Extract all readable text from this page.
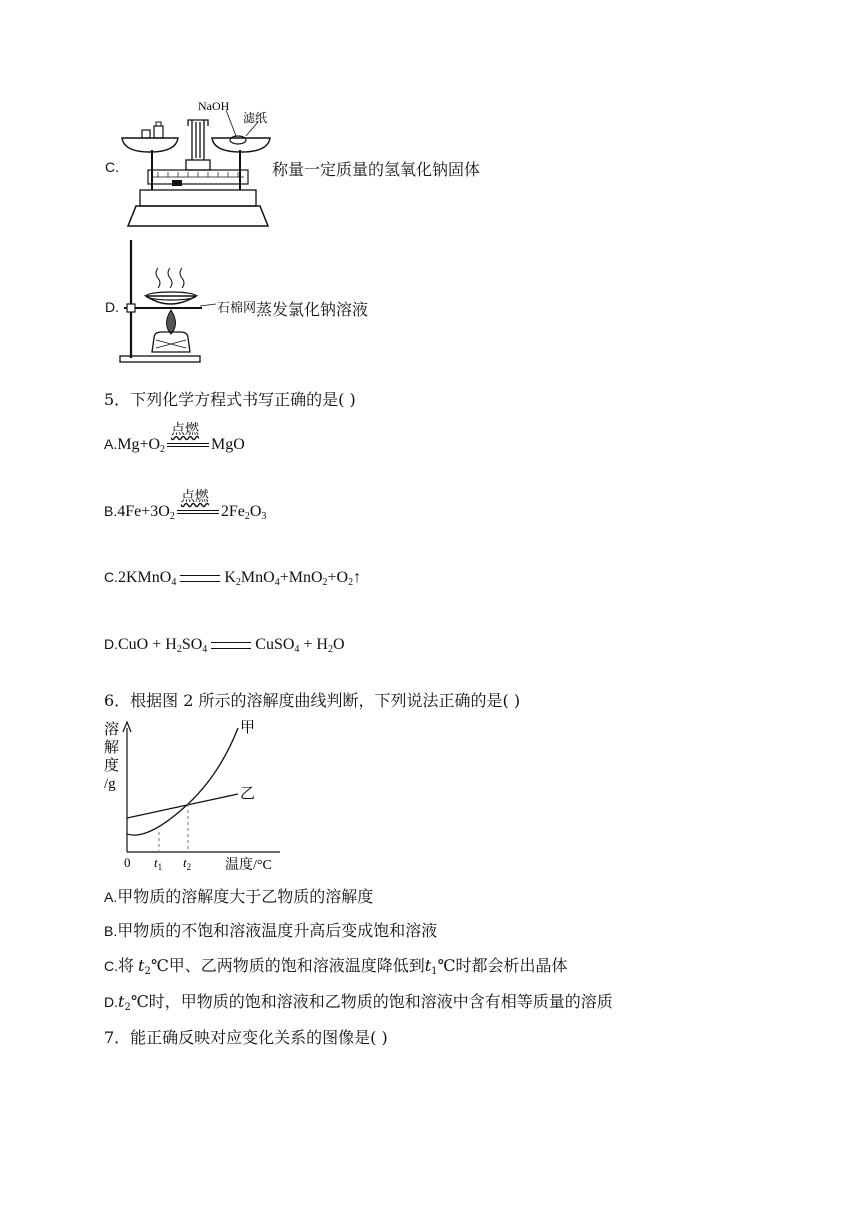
C.
NaOH
滤纸
称量一定质量的氢氧化钠固体
D.	石棉网 蒸发氯化钠溶液
5．下列化学方程式书写正确的是( )
$A.Mg+O_2$
点燃
MgO
$B.4Fe+3O_2$
点燃
$2Fe_2O_3$
C.2KMnO$_4$	$K_2MnO_4+MnO_2+O_2↑$
$D.CuO + H_2SO_4$	CuSO$_4$ + $H_2O$
6．根据图 2 所示的溶解度曲线判断，下列说法正确的是( )
溶
解
度
/g
甲
乙
0 $t_1$ $t_2$ 温度/°C
A.甲物质的溶解度大于乙物质的溶解度
B.甲物质的不饱和溶液温度升高后变成饱和溶液
C.将 $t_2℃$甲、乙两物质的饱和溶液温度降低到$t_1℃$时都会析出晶体
$D.t_2℃$时，甲物质的饱和溶液和乙物质的饱和溶液中含有相等质量的溶质
7．能正确反映对应变化关系的图像是( )
